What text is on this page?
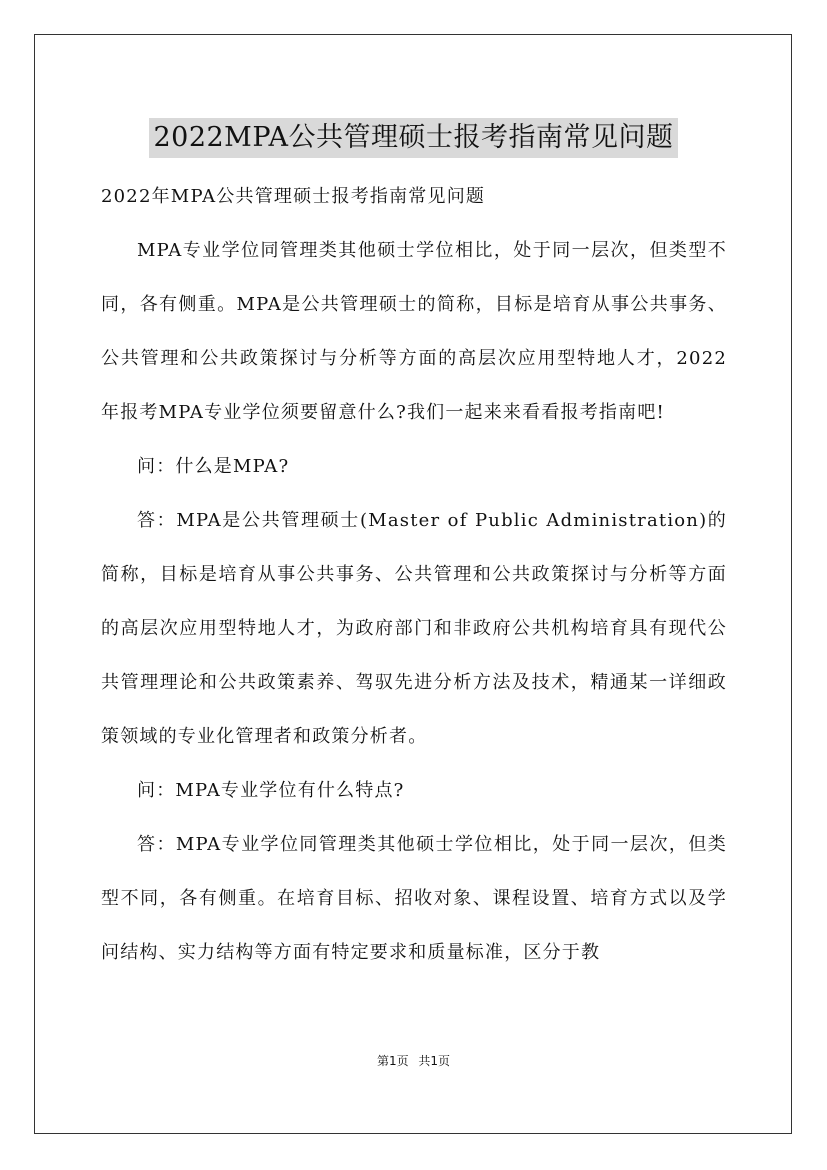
2022MPA公共管理硕士报考指南常见问题

2022年MPA公共管理硕士报考指南常见问题

MPA专业学位同管理类其他硕士学位相比，处于同一层次，但类型不同，各有侧重。MPA是公共管理硕士的简称，目标是培育从事公共事务、公共管理和公共政策探讨与分析等方面的高层次应用型特地人才，2022年报考MPA专业学位须要留意什么?我们一起来来看看报考指南吧!

问：什么是MPA?

答：MPA是公共管理硕士(Master of Public Administration)的简称，目标是培育从事公共事务、公共管理和公共政策探讨与分析等方面的高层次应用型特地人才，为政府部门和非政府公共机构培育具有现代公共管理理论和公共政策素养、驾驭先进分析方法及技术，精通某一详细政策领域的专业化管理者和政策分析者。

问：MPA专业学位有什么特点?

答：MPA专业学位同管理类其他硕士学位相比，处于同一层次，但类型不同，各有侧重。在培育目标、招收对象、课程设置、培育方式以及学问结构、实力结构等方面有特定要求和质量标准，区分于教

第1页 共1页
